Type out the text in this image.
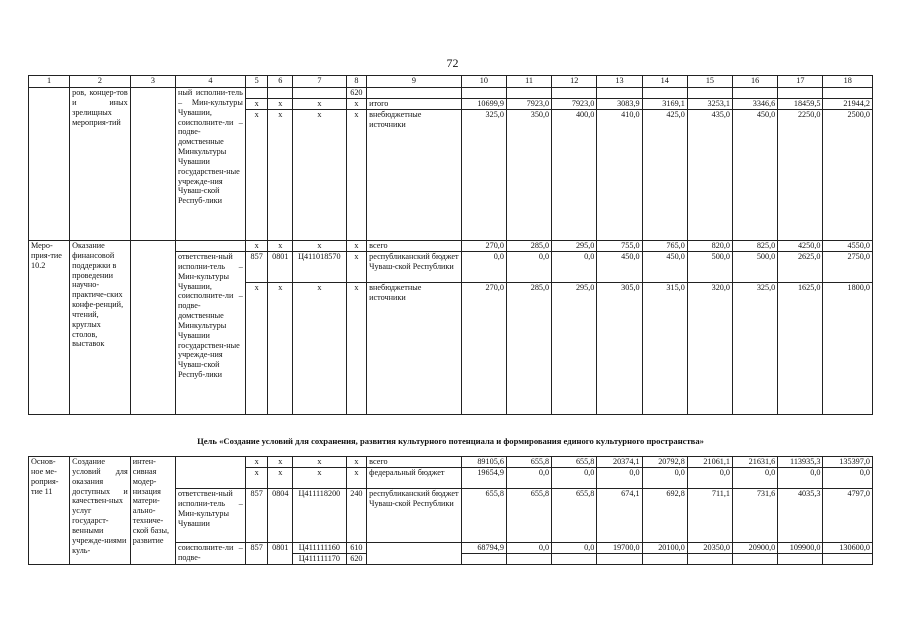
72
1	2	3	4	5	6	7	8	9	10	11	12	13	14	15	16	17	18
	ров, концер-тов и иных зрелищных мероприя-тий		ный исполни-тель – Мин-культуры Чувашии, соисполните-ли – подве-домственные Минкультуры Чувашии государствен-ные учрежде-ния Чуваш-ской Респуб-лики				620										
				x	x	x	x	итого	10699,9	7923,0	7923,0	3083,9	3169,1	3253,1	3346,6	18459,5	21944,2
				x	x	x	x	внебюджетные источники	325,0	350,0	400,0	410,0	425,0	435,0	450,0	2250,0	2500,0
Меро-прия-тие 10.2	Оказание финансовой поддержки в проведении научно-практиче-ских конфе-ренций, чтений, круглых столов, выставок			x	x	x	x	всего	270,0	285,0	295,0	755,0	765,0	820,0	825,0	4250,0	4550,0
			ответствен-ный исполни-тель – Мин-культуры Чувашии, соисполните-ли – подве-домственные Минкультуры Чувашии государствен-ные учрежде-ния Чуваш-ской Респуб-лики	857	0801	Ц411018570	x	республиканский бюджет Чуваш-ской Республики	0,0	0,0	0,0	450,0	450,0	500,0	500,0	2625,0	2750,0
				x	x	x	x	внебюджетные источники	270,0	285,0	295,0	305,0	315,0	320,0	325,0	1625,0	1800,0
Цель «Создание условий для сохранения, развития культурного потенциала и формирования единого культурного пространства»
Основ-ное ме-роприя-тие 11	Создание условий для оказания доступных и качествен-ных услуг государст-венными учрежде-ниями куль-	интен-сивная модер-низация матери-ально-техниче-ской базы, развитие		x	x	x	x	всего	89105,6	655,8	655,8	20374,1	20792,8	21061,1	21631,6	113935,3	135397,0
				x	x	x	x	федеральный бюджет	19654,9	0,0	0,0	0,0	0,0	0,0	0,0	0,0	0,0
			ответствен-ный исполни-тель – Мин-культуры Чувашии	857	0804	Ц411118200	240	республиканский бюджет Чуваш-ской Республики	655,8	655,8	655,8	674,1	692,8	711,1	731,6	4035,3	4797,0
			соисполните-ли – подве-	857	0801	Ц411111160	610		68794,9	0,0	0,0	19700,0	20100,0	20350,0	20900,0	109900,0	130600,0
						Ц411111170	620										
